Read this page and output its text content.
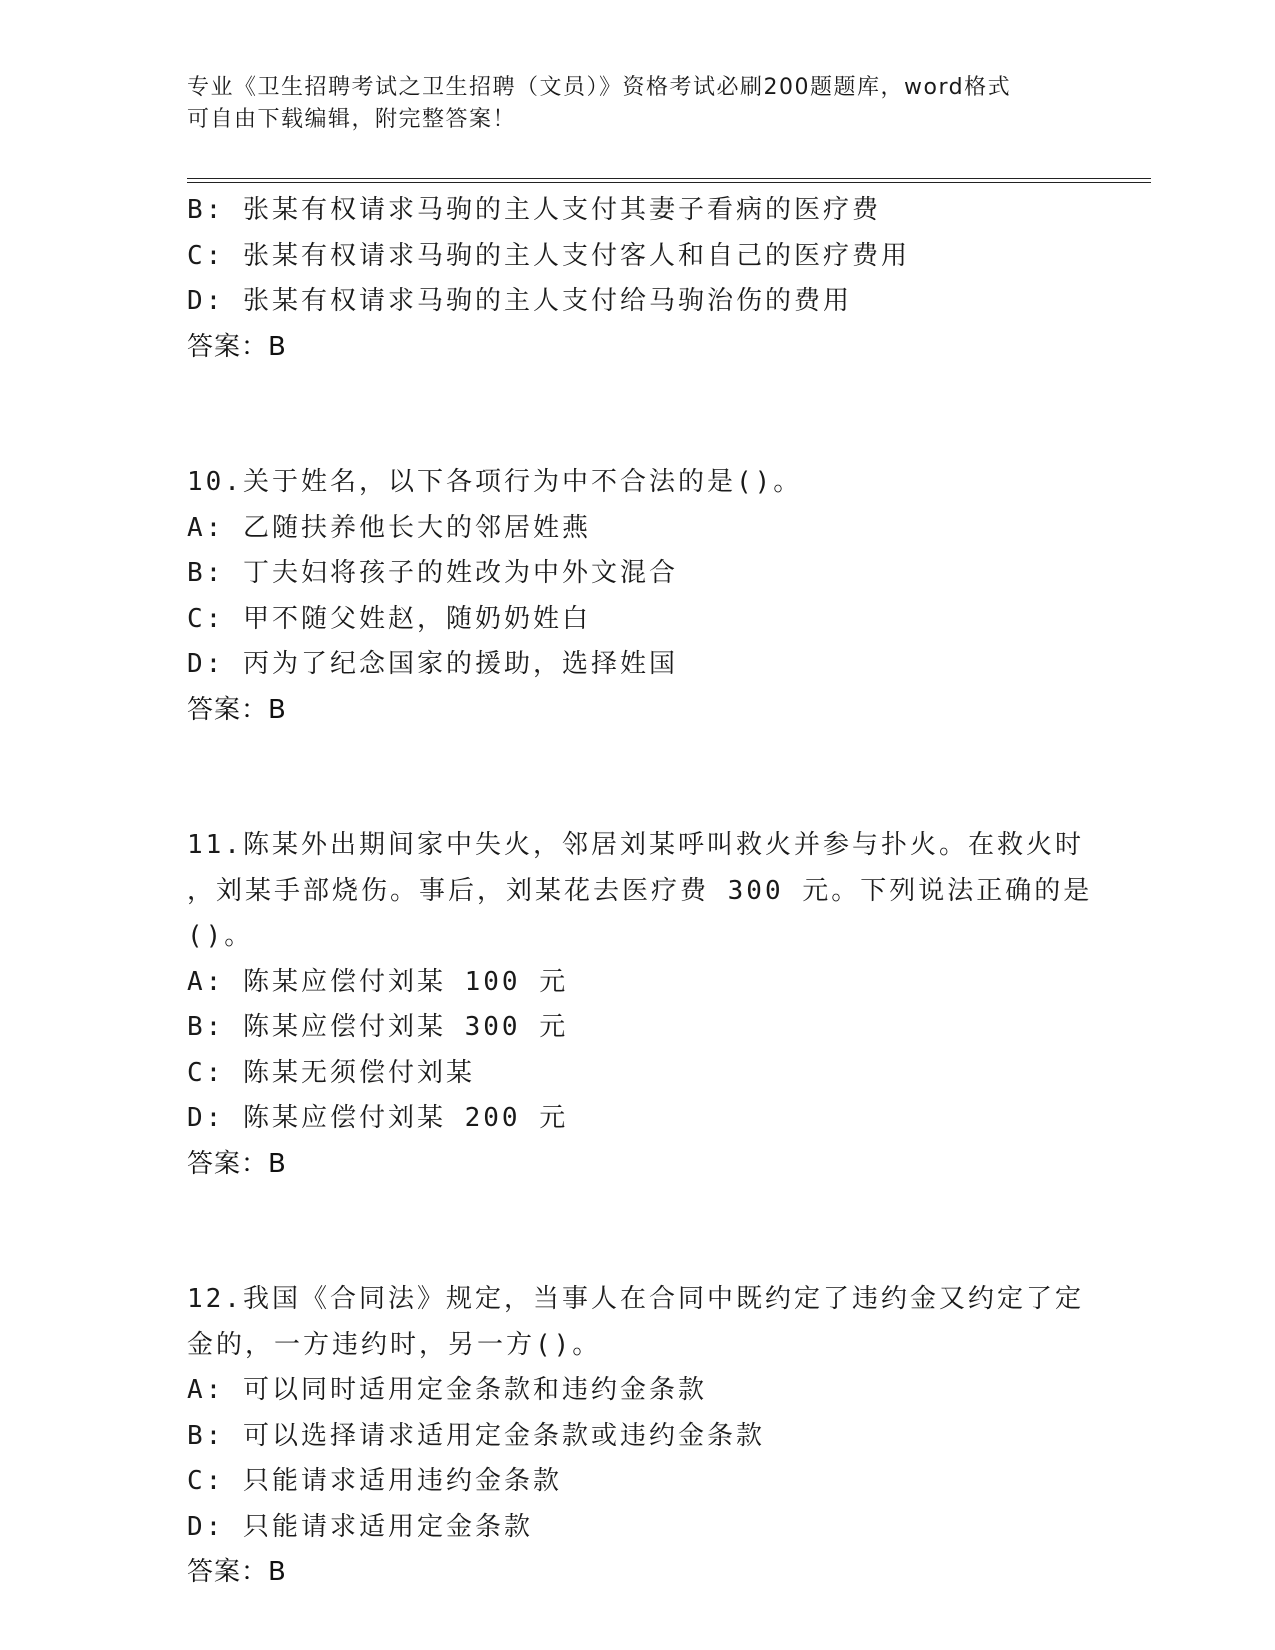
专业《卫生招聘考试之卫生招聘（文员）》资格考试必刷200题题库，word格式
可自由下载编辑，附完整答案！
B: 张某有权请求马驹的主人支付其妻子看病的医疗费
C: 张某有权请求马驹的主人支付客人和自己的医疗费用
D: 张某有权请求马驹的主人支付给马驹治伤的费用
答案：B
10.关于姓名，以下各项行为中不合法的是()。
A: 乙随扶养他长大的邻居姓燕
B: 丁夫妇将孩子的姓改为中外文混合
C: 甲不随父姓赵，随奶奶姓白
D: 丙为了纪念国家的援助，选择姓国
答案：B
11.陈某外出期间家中失火，邻居刘某呼叫救火并参与扑火。在救火时
，刘某手部烧伤。事后，刘某花去医疗费 300 元。下列说法正确的是
()。
A: 陈某应偿付刘某 100 元
B: 陈某应偿付刘某 300 元
C: 陈某无须偿付刘某
D: 陈某应偿付刘某 200 元
答案：B
12.我国《合同法》规定，当事人在合同中既约定了违约金又约定了定
金的，一方违约时，另一方()。
A: 可以同时适用定金条款和违约金条款
B: 可以选择请求适用定金条款或违约金条款
C: 只能请求适用违约金条款
D: 只能请求适用定金条款
答案：B
